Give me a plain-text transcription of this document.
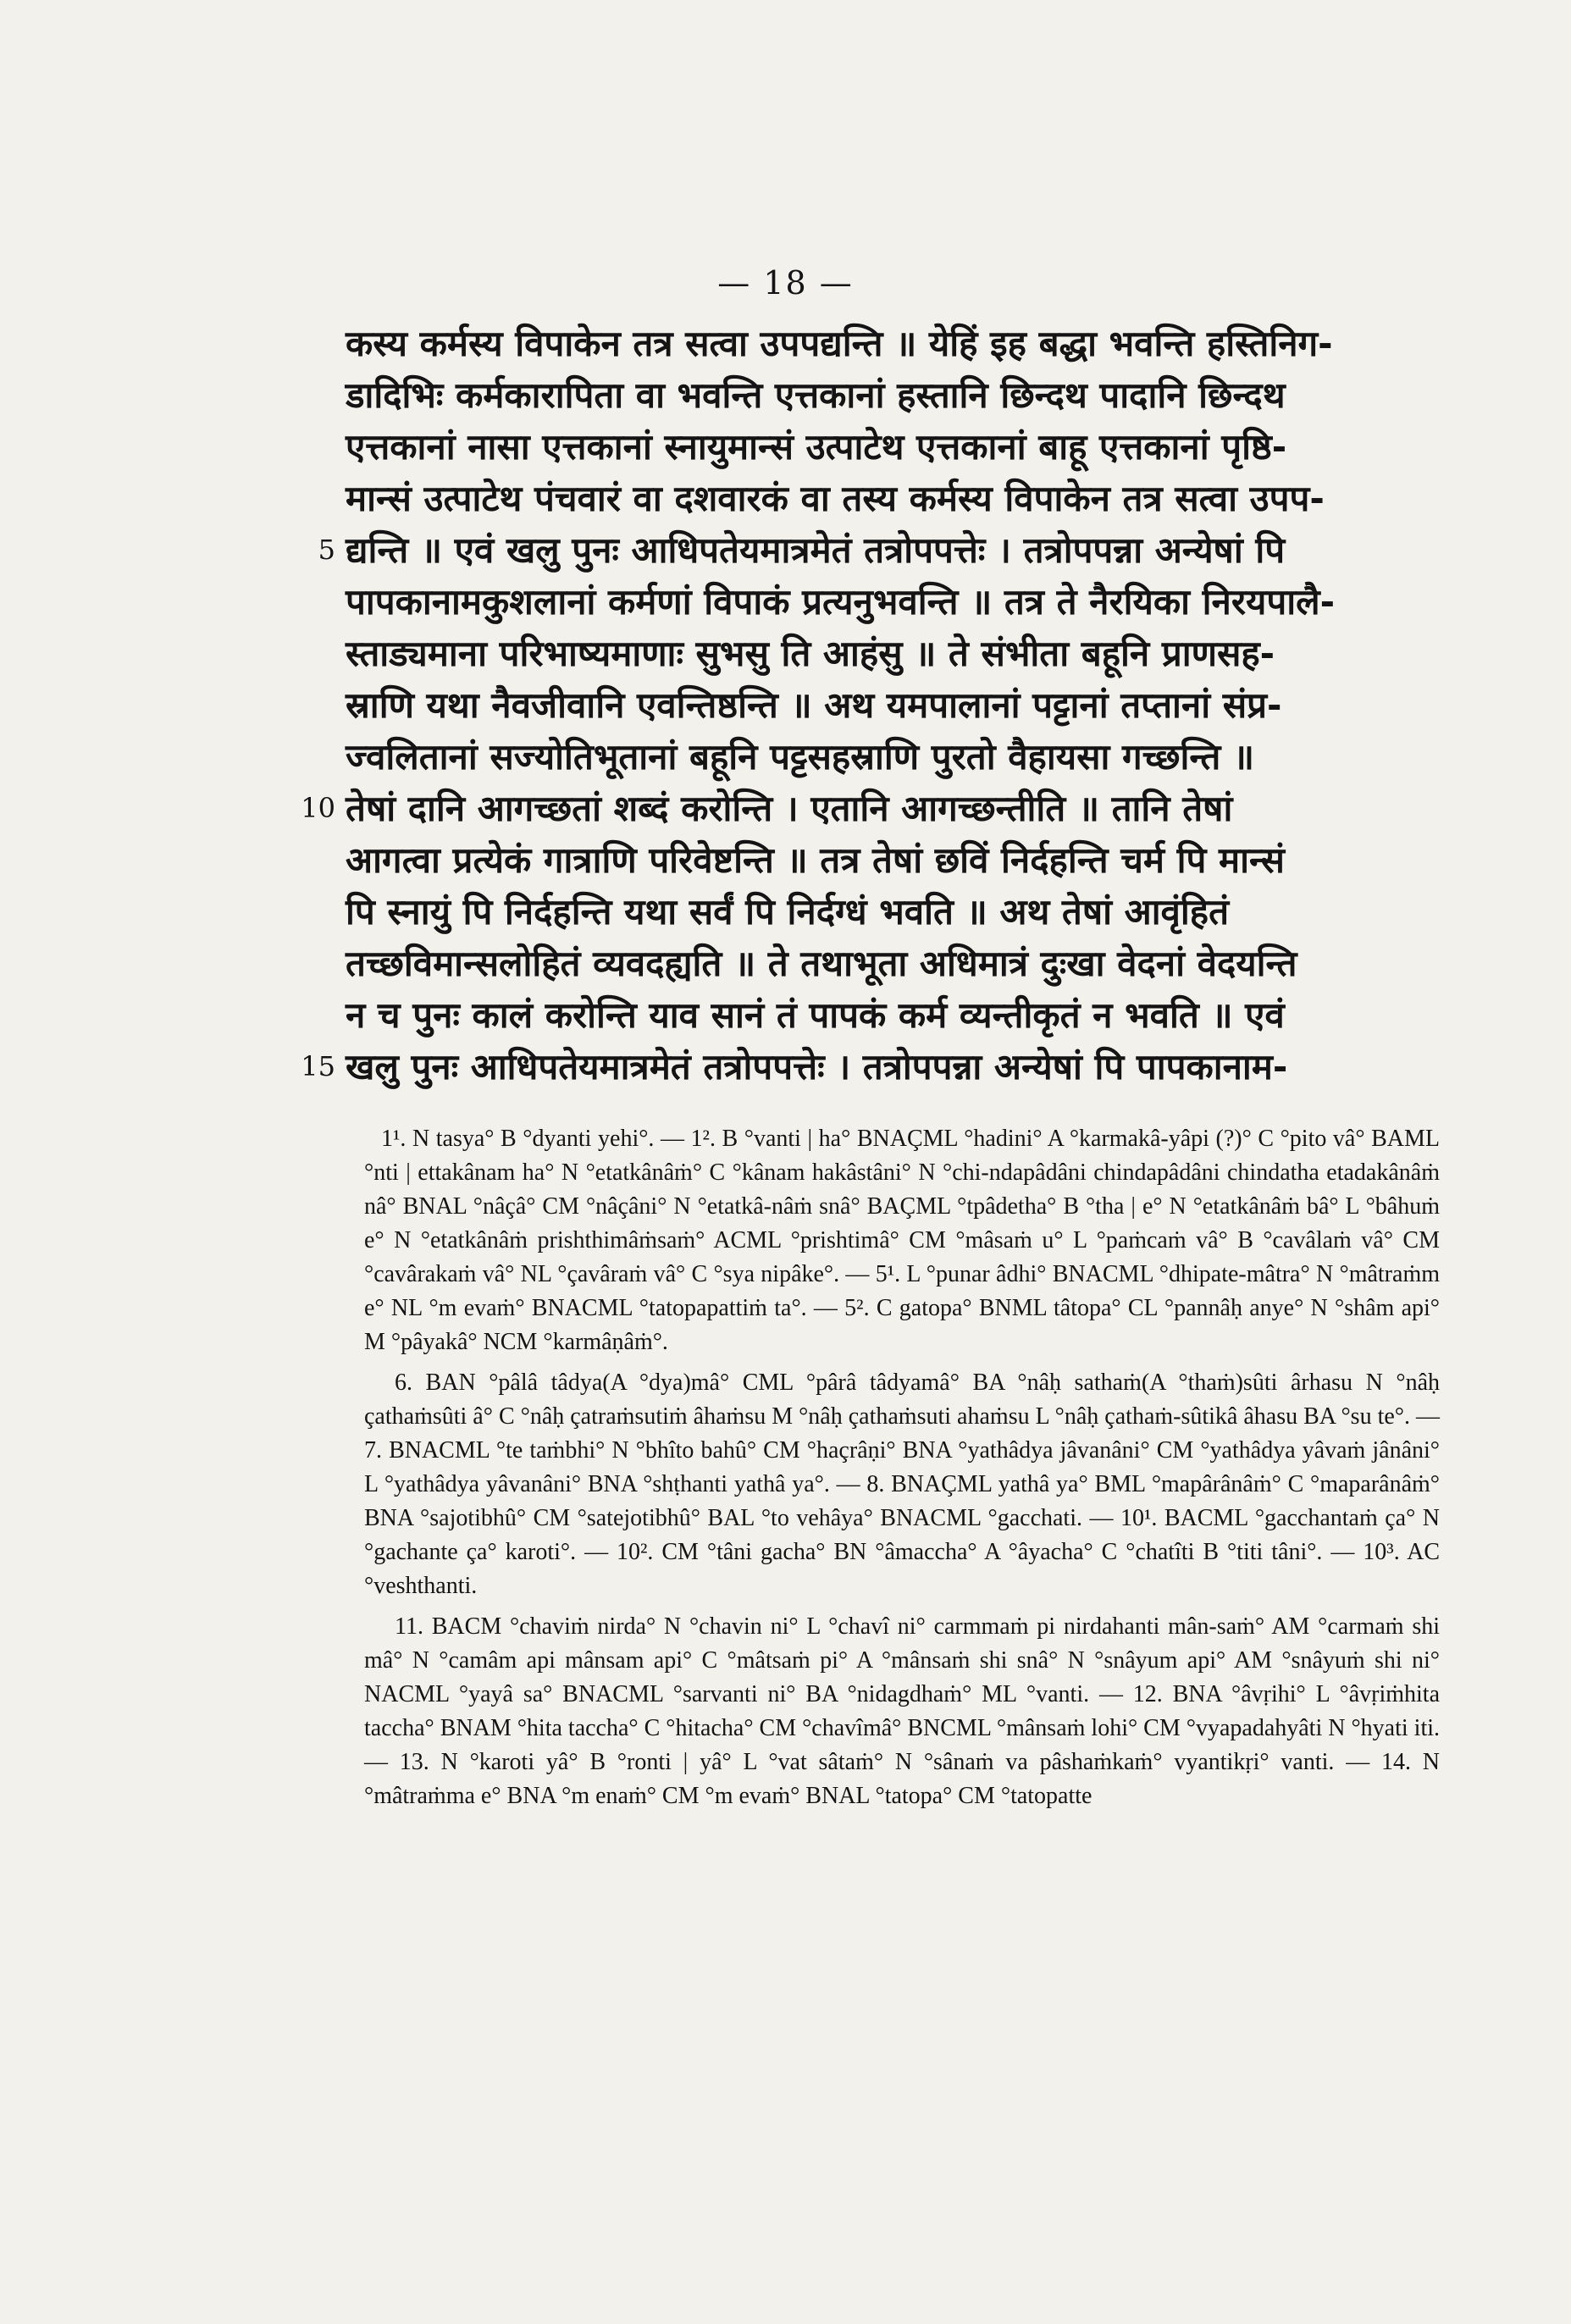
— 18 —
कस्य कर्मस्य विपाकेन तत्र सत्वा उपपद्यन्ति ॥ येहिं इह बद्धा भवन्ति हस्तिनिग-
डादिभिः कर्मकारापिता वा भवन्ति एत्तकानां हस्तानि छिन्दथ पादानि छिन्दथ
एत्तकानां नासा एत्तकानां स्नायुमान्सं उत्पाटेथ एत्तकानां बाहू एत्तकानां पृष्ठि-
मान्सं उत्पाटेथ पंचवारं वा दशवारकं वा तस्य कर्मस्य विपाकेन तत्र सत्वा उपप-
5 द्यन्ति ॥ एवं खलु पुनः आधिपतेयमात्रमेतं तत्रोपपत्तेः । तत्रोपपन्ना अन्येषां पि
पापकानामकुशलानां कर्मणां विपाकं प्रत्यनुभवन्ति ॥ तत्र ते नैरयिका निरयपालै-
स्ताड्यमाना परिभाष्यमाणाः सुभसु ति आहंसु ॥ ते संभीता बहूनि प्राणसह-
स्राणि यथा नैवजीवानि एवन्तिष्ठन्ति ॥ अथ यमपालानां पट्टानां तप्तानां संप्र-
ज्वलितानां सज्योतिभूतानां बहूनि पट्टसहस्राणि पुरतो वैहायसा गच्छन्ति ॥
10 तेषां दानि आगच्छतां शब्दं करोन्ति । एतानि आगच्छन्तीति ॥ तानि तेषां
आगत्वा प्रत्येकं गात्राणि परिवेष्टन्ति ॥ तत्र तेषां छविं निर्दहन्ति चर्म पि मान्सं
पि स्नायुं पि निर्दहन्ति यथा सर्वं पि निर्दग्धं भवति ॥ अथ तेषां आवृंहितं
तच्छविमान्सलोहितं व्यवदह्यति ॥ ते तथाभूता अधिमात्रं दुःखा वेदनां वेदयन्ति
न च पुनः कालं करोन्ति याव सानं तं पापकं कर्म व्यन्तीकृतं न भवति ॥ एवं
15 खलु पुनः आधिपतेयमात्रमेतं तत्रोपपत्तेः । तत्रोपपन्ना अन्येषां पि पापकानाम-

1¹. N tasya° B °dyanti yehi°. — 1². B °vanti | ha° BNAÇML °hadini° A °karmakâ-yâpi (?)° C °pito vâ° BAML °nti | ettakânam ha° N °etatkânâṁ° C °kânam hakâstâni° N °chi-ndapâdâni chindapâdâni chindatha etadakânâṁ nâ° BNAL °nâçâ° CM °nâçâni° N °etatkâ-nâṁ snâ° BAÇML °tpâdetha° B °tha | e° N °etatkânâṁ bâ° L °bâhuṁ e° N °etatkânâṁ prishthimâṁsaṁ° ACML °prishtimâ° CM °mâsaṁ u° L °paṁcaṁ vâ° B °cavâlaṁ vâ° CM °cavârakaṁ vâ° NL °çavâraṁ vâ° C °sya nipâke°. — 5¹. L °punar âdhi° BNACML °dhipate-mâtra° N °mâtraṁm e° NL °m evaṁ° BNACML °tatopapattiṁ ta°. — 5². C gatopa° BNML tâtopa° CL °pannâḥ anye° N °shâm api° M °pâyakâ° NCM °karmâṇâṁ°.

6. BAN °pâlâ tâdya(A °dya)mâ° CML °pârâ tâdyamâ° BA °nâḥ sathaṁ(A °thaṁ)sûti ârhasu N °nâḥ çathaṁsûti â° C °nâḥ çatraṁsutiṁ âhaṁsu M °nâḥ çathaṁsuti ahaṁsu L °nâḥ çathaṁ-sûtikâ âhasu BA °su te°. — 7. BNACML °te taṁbhi° N °bhîto bahû° CM °haçrâṇi° BNA °yathâdya jâvanâni° CM °yathâdya yâvaṁ jânâni° L °yathâdya yâvanâni° BNA °shṭhanti yathâ ya°. — 8. BNAÇML yathâ ya° BML °mapârânâṁ° C °maparânâṁ° BNA °sajotibhû° CM °satejotibhû° BAL °to vehâya° BNACML °gacchati. — 10¹. BACML °gacchantaṁ ça° N °gachante ça° karoti°. — 10². CM °tâni gacha° BN °âmaccha° A °âyacha° C °chatîti B °titi tâni°. — 10³. AC °veshthanti.

11. BACM °chaviṁ nirda° N °chavin ni° L °chavî ni° carmmaṁ pi nirdahanti mân-saṁ° AM °carmaṁ shi mâ° N °camâm api mânsam api° C °mâtsaṁ pi° A °mânsaṁ shi snâ° N °snâyum api° AM °snâyuṁ shi ni° NACML °yayâ sa° BNACML °sarvanti ni° BA °nidagdhaṁ° ML °vanti. — 12. BNA °âvṛihi° L °âvṛiṁhita taccha° BNAM °hita taccha° C °hitacha° CM °chavîmâ° BNCML °mânsaṁ lohi° CM °vyapadahyâti N °hyati iti. — 13. N °karoti yâ° B °ronti | yâ° L °vat sâtaṁ° N °sânaṁ va pâshaṁkaṁ° vyantikṛi° vanti. — 14. N °mâtraṁma e° BNA °m enaṁ° CM °m evaṁ° BNAL °tatopa° CM °tatopatte
